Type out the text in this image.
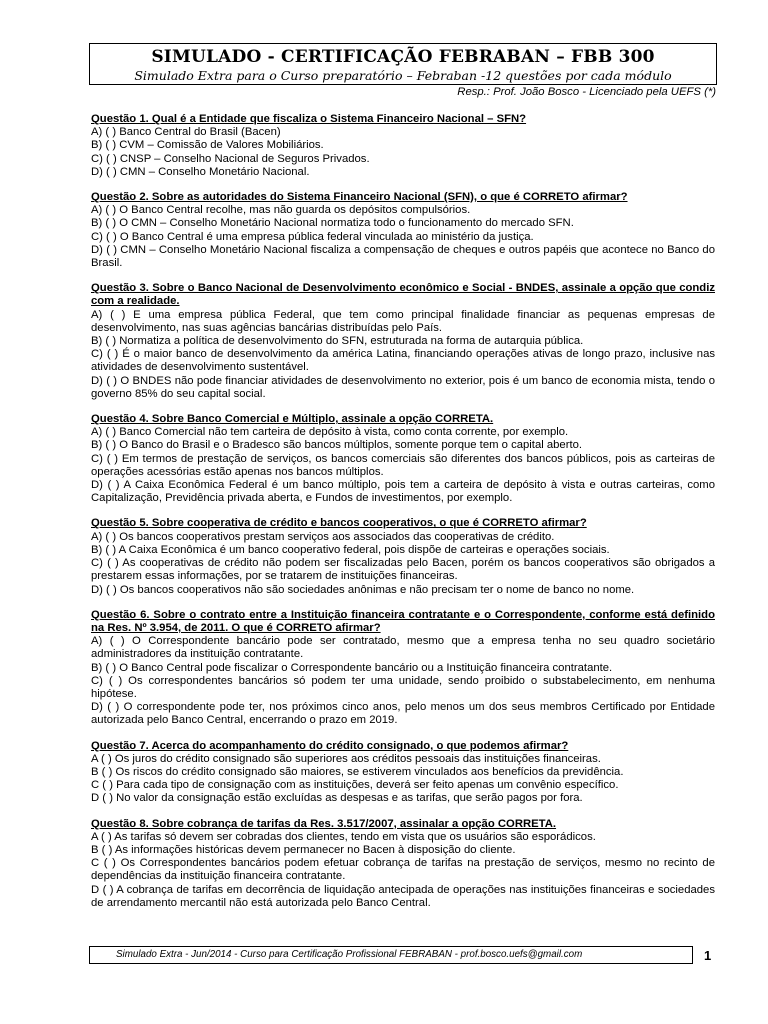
SIMULADO - CERTIFICAÇÃO FEBRABAN – FBB 300
Simulado Extra para o Curso preparatório – Febraban -12 questões por cada módulo
Resp.: Prof. João Bosco - Licenciado pela UEFS (*)
Questão 1. Qual é a Entidade que fiscaliza o Sistema Financeiro Nacional – SFN?
A) ( ) Banco Central do Brasil (Bacen)
B) ( ) CVM – Comissão de Valores Mobiliários.
C) ( ) CNSP – Conselho Nacional de Seguros Privados.
D) ( ) CMN – Conselho Monetário Nacional.
Questão 2. Sobre as autoridades do Sistema Financeiro Nacional (SFN), o que é CORRETO afirmar?
A) ( ) O Banco Central recolhe, mas não guarda os depósitos compulsórios.
B) ( ) O CMN – Conselho Monetário Nacional normatiza todo o funcionamento do mercado SFN.
C) ( ) O Banco Central é uma empresa pública federal vinculada ao ministério da justiça.
D) ( ) CMN – Conselho Monetário Nacional fiscaliza a compensação de cheques e outros papéis que acontece no Banco do Brasil.
Questão 3. Sobre o Banco Nacional de Desenvolvimento econômico e Social - BNDES, assinale a opção que condiz com a realidade.
A) ( ) E uma empresa pública Federal, que tem como principal finalidade financiar as pequenas empresas de desenvolvimento, nas suas agências bancárias distribuídas pelo País.
B) ( ) Normatiza a política de desenvolvimento do SFN, estruturada na forma de autarquia pública.
C) ( ) É o maior banco de desenvolvimento da américa Latina, financiando operações ativas de longo prazo, inclusive nas atividades de desenvolvimento sustentável.
D) ( ) O BNDES não pode financiar atividades de desenvolvimento no exterior, pois é um banco de economia mista, tendo o governo 85% do seu capital social.
Questão 4. Sobre Banco Comercial e Múltiplo, assinale a opção CORRETA.
A) ( ) Banco Comercial não tem carteira de depósito à vista, como conta corrente, por exemplo.
B) ( ) O Banco do Brasil e o Bradesco são bancos múltiplos, somente porque tem o capital aberto.
C) ( ) Em termos de prestação de serviços, os bancos comerciais são diferentes dos bancos públicos, pois as carteiras de operações acessórias estão apenas nos bancos múltiplos.
D) ( ) A Caixa Econômica Federal é um banco múltiplo, pois tem a carteira de depósito à vista e outras carteiras, como Capitalização, Previdência privada aberta, e Fundos de investimentos, por exemplo.
Questão 5. Sobre cooperativa de crédito e bancos cooperativos, o que é CORRETO afirmar?
A) ( ) Os bancos cooperativos prestam serviços aos associados das cooperativas de crédito.
B) ( ) A Caixa Econômica é um banco cooperativo federal, pois dispõe de carteiras e operações sociais.
C) ( ) As cooperativas de crédito não podem ser fiscalizadas pelo Bacen, porém os bancos cooperativos são obrigados a prestarem essas informações, por se tratarem de instituições financeiras.
D) ( ) Os bancos cooperativos não são sociedades anônimas e não precisam ter o nome de banco no nome.
Questão 6. Sobre o contrato entre a Instituição financeira contratante e o Correspondente, conforme está definido na Res. Nº 3.954, de 2011. O que é CORRETO afirmar?
A) ( ) O Correspondente bancário pode ser contratado, mesmo que a empresa tenha no seu quadro societário administradores da instituição contratante.
B) ( ) O Banco Central pode fiscalizar o Correspondente bancário ou a Instituição financeira contratante.
C) ( ) Os correspondentes bancários só podem ter uma unidade, sendo proibido o substabelecimento, em nenhuma hipótese.
D) ( ) O correspondente pode ter, nos próximos cinco anos, pelo menos um dos seus membros Certificado por Entidade autorizada pelo Banco Central, encerrando o prazo em 2019.
Questão 7. Acerca do acompanhamento do crédito consignado, o que podemos afirmar?
A ( ) Os juros do crédito consignado são superiores aos créditos pessoais das instituições financeiras.
B ( ) Os riscos do crédito consignado são maiores, se estiverem vinculados aos benefícios da previdência.
C ( ) Para cada tipo de consignação com as instituições, deverá ser feito apenas um convênio específico.
D ( ) No valor da consignação estão excluídas as despesas e as tarifas, que serão pagos por fora.
Questão 8. Sobre cobrança de tarifas da Res. 3.517/2007, assinalar a opção CORRETA.
A ( ) As tarifas só devem ser cobradas dos clientes, tendo em vista que os usuários são esporádicos.
B ( ) As informações históricas devem permanecer no Bacen à disposição do cliente.
C ( ) Os Correspondentes bancários podem efetuar cobrança de tarifas na prestação de serviços, mesmo no recinto de dependências da instituição financeira contratante.
D ( ) A cobrança de tarifas em decorrência de liquidação antecipada de operações nas instituições financeiras e sociedades de arrendamento mercantil não está autorizada pelo Banco Central.
Simulado Extra - Jun/2014 - Curso para Certificação Profissional FEBRABAN - prof.bosco.uefs@gmail.com	1
